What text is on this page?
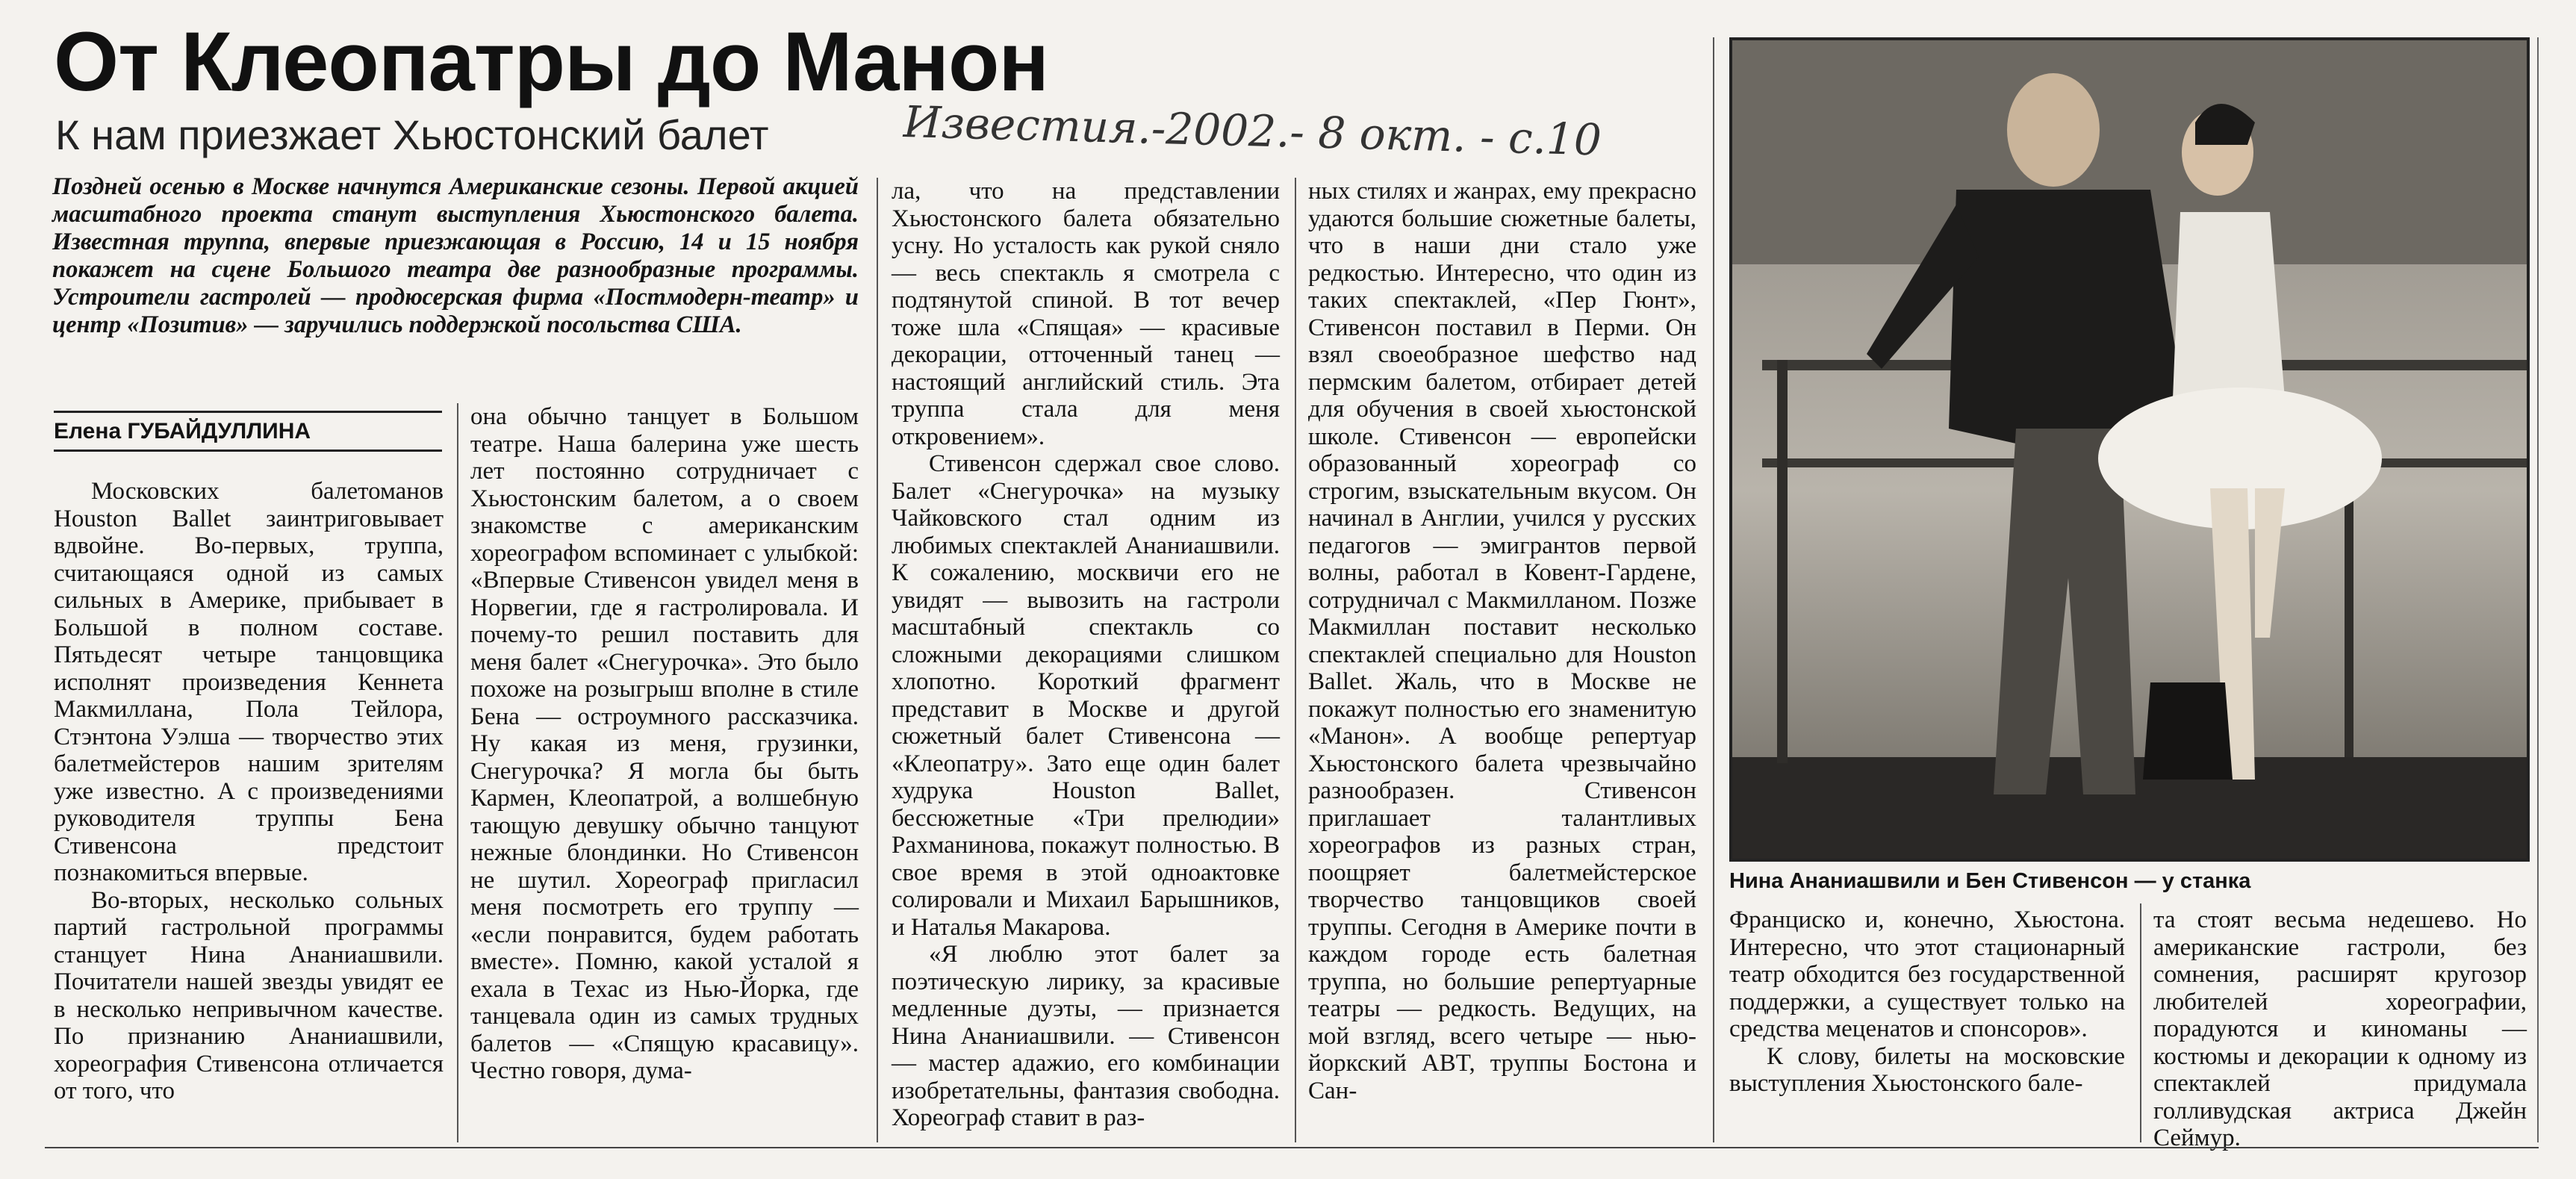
От Клеопатры до Манон
К нам приезжает Хьюстонский балет	Известия.-2002.- 8 окт. - с.10
Поздней осенью в Москве начнутся Американские сезоны. Первой акцией масштабного проекта станут выступления Хьюстонского балета. Известная труппа, впервые приезжающая в Россию, 14 и 15 ноября покажет на сцене Большого театра две разнообразные программы. Устроители гастролей — продюсерская фирма «Постмодерн-театр» и центр «Позитив» — заручились поддержкой посольства США.
Елена ГУБАЙДУЛЛИНА

Московских балетоманов Houston Ballet заинтриговывает вдвойне. Во-первых, труппа, считающаяся одной из самых сильных в Америке, прибывает в Большой в полном составе. Пятьдесят четыре танцовщика исполнят произведения Кеннета Макмиллана, Пола Тейлора, Стэнтона Уэлша — творчество этих балетмейстеров нашим зрителям уже известно. А с произведениями руководителя труппы Бена Стивенсона предстоит познакомиться впервые.

Во-вторых, несколько сольных партий гастрольной программы станцует Нина Ананиашвили. Почитатели нашей звезды увидят ее в несколько непривычном качестве. По признанию Ананиашвили, хореография Стивенсона отличается от того, что

она обычно танцует в Большом театре. Наша балерина уже шесть лет постоянно сотрудничает с Хьюстонским балетом, а о своем знакомстве с американским хореографом вспоминает с улыбкой: «Впервые Стивенсон увидел меня в Норвегии, где я гастролировала. И почему-то решил поставить для меня балет «Снегурочка». Это было похоже на розыгрыш вполне в стиле Бена — остроумного рассказчика. Ну какая из меня, грузинки, Снегурочка? Я могла бы быть Кармен, Клеопатрой, а волшебную тающую девушку обычно танцуют нежные блондинки. Но Стивенсон не шутил. Хореограф пригласил меня посмотреть его труппу — «если понравится, будем работать вместе». Помню, какой усталой я ехала в Техас из Нью-Йорка, где танцевала один из самых трудных балетов — «Спящую красавицу». Честно говоря, дума-

ла, что на представлении Хьюстонского балета обязательно усну. Но усталость как рукой сняло — весь спектакль я смотрела с подтянутой спиной. В тот вечер тоже шла «Спящая» — красивые декорации, отточенный танец — настоящий английский стиль. Эта труппа стала для меня откровением».

Стивенсон сдержал свое слово. Балет «Снегурочка» на музыку Чайковского стал одним из любимых спектаклей Ананиашвили. К сожалению, москвичи его не увидят — вывозить на гастроли масштабный спектакль со сложными декорациями слишком хлопотно. Короткий фрагмент представит в Москве и другой сюжетный балет Стивенсона — «Клеопатру». Зато еще один балет худрука Houston Ballet, бессюжетные «Три прелюдии» Рахманинова, покажут полностью. В свое время в этой одноактовке солировали и Михаил Барышников, и Наталья Макарова.

«Я люблю этот балет за поэтическую лирику, за красивые медленные дуэты, — признается Нина Ананиашвили. — Стивенсон — мастер адажио, его комбинации изобретательны, фантазия свободна. Хореограф ставит в раз-

ных стилях и жанрах, ему прекрасно удаются большие сюжетные балеты, что в наши дни стало уже редкостью. Интересно, что один из таких спектаклей, «Пер Гюнт», Стивенсон поставил в Перми. Он взял своеобразное шефство над пермским балетом, отбирает детей для обучения в своей хьюстонской школе. Стивенсон — европейски образованный хореограф со строгим, взыскательным вкусом. Он начинал в Англии, учился у русских педагогов — эмигрантов первой волны, работал в Ковент-Гардене, сотрудничал с Макмилланом. Позже Макмиллан поставит несколько спектаклей специально для Houston Ballet. Жаль, что в Москве не покажут полностью его знаменитую «Манон». А вообще репертуар Хьюстонского балета чрезвычайно разнообразен. Стивенсон приглашает талантливых хореографов из разных стран, поощряет балетмейстерское творчество танцовщиков своей труппы. Сегодня в Америке почти в каждом городе есть балетная труппа, но большие репертуарные театры — редкость. Ведущих, на мой взгляд, всего четыре — нью-йоркский ABT, труппы Бостона и Сан-

Нина Ананиашвили и Бен Стивенсон — у станка

Франциско и, конечно, Хьюстона. Интересно, что этот стационарный театр обходится без государственной поддержки, а существует только на средства меценатов и спонсоров».

К слову, билеты на московские выступления Хьюстонского бале-

та стоят весьма недешево. Но американские гастроли, без сомнения, расширят кругозор любителей хореографии, порадуются и киноманы — костюмы и декорации к одному из спектаклей придумала голливудская актриса Джейн Сеймур.
